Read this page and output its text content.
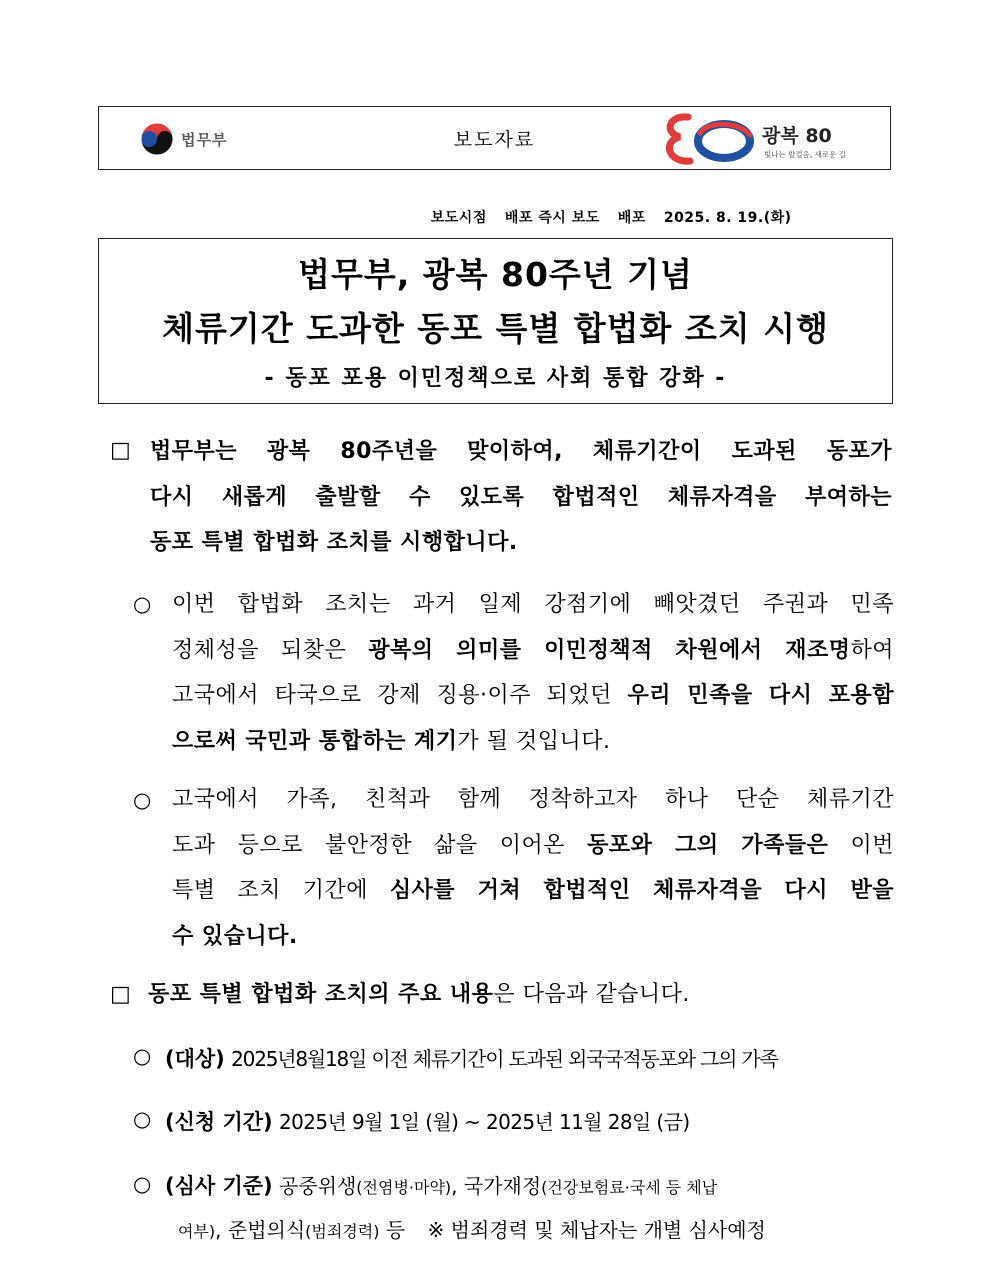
법무부	보도자료	광복 80
빛나는 발걸음, 새로운 길

보도시점 배포 즉시 보도 배포 2025. 8. 19.(화)

법무부, 광복 80주년 기념
체류기간 도과한 동포 특별 합법화 조치 시행
- 동포 포용 이민정책으로 사회 통합 강화 -
□ 법무부는 광복 80주년을 맞이하여, 체류기간이 도과된 동포가
다시 새롭게 출발할 수 있도록 합법적인 체류자격을 부여하는
동포 특별 합법화 조치를 시행합니다.
○ 이번 합법화 조치는 과거 일제 강점기에 빼앗겼던 주권과 민족
정체성을 되찾은 광복의 의미를 이민정책적 차원에서 재조명하여
고국에서 타국으로 강제 징용·이주 되었던 우리 민족을 다시 포용함
으로써 국민과 통합하는 계기가 될 것입니다.
○ 고국에서 가족, 친척과 함께 정착하고자 하나 단순 체류기간
도과 등으로 불안정한 삶을 이어온 동포와 그의 가족들은 이번
특별 조치 기간에 심사를 거쳐 합법적인 체류자격을 다시 받을
수 있습니다.
□ 동포 특별 합법화 조치의 주요 내용은 다음과 같습니다.
○ (대상) 2025년8월18일 이전 체류기간이 도과된 외국국적동포와 그의 가족
○ (신청 기간) 2025년 9월 1일 (월) ~ 2025년 11월 28일 (금)
○ (심사 기준) 공중위생(전염병·마약), 국가재정(건강보험료·국세 등 체납
여부), 준법의식(범죄경력) 등 ※ 범죄경력 및 체납자는 개별 심사예정
